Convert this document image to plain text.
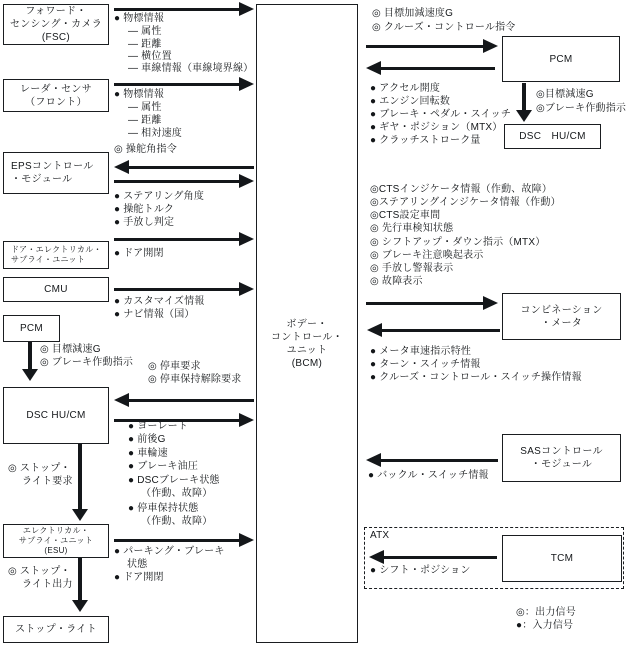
フォワード・
センシング・カメラ
(FSC)
レーダ・センサ
（フロント）
EPSコントロール
・モジュール
ドア・エレクトリカル・
サプライ・ユニット
CMU
PCM
DSC HU/CM
エレクトリカル・
サプライ・ユニット
(ESU)
ストップ・ライト
ボデー・
コントロール・
ユニット
(BCM)
PCM
DSC　HU/CM
コンビネーション
・メータ
SASコントロール
・モジュール
TCM
● 物標情報
― 属性
― 距離
― 横位置
― 車線情報（車線境界線）
● 物標情報
― 属性
― 距離
― 相対速度
◎ 操舵角指令
● ステアリング角度
● 操舵トルク
● 手放し判定
● ドア開閉
● カスタマイズ情報
● ナビ情報（国）
◎ 目標減速G
◎ ブレーキ作動指示 ◎ 停車要求
◎ 停車保持解除要求
● ヨーレート
● 前後G
● 車輪速
● ブレーキ油圧
● DSCブレーキ状態
（作動、故障）
● 停車保持状態
（作動、故障）
◎ ストップ・
ライト要求
● パーキング・ブレーキ
状態
● ドア開閉
◎ ストップ・
ライト出力
◎ 目標加減速度G
◎ クルーズ・コントロール指令
● アクセル開度
● エンジン回転数
● ブレーキ・ペダル・スイッチ
● ギヤ・ポジション（MTX）
● クラッチストローク量
◎目標減速G
◎ブレーキ作動指示
◎CTSインジケータ情報（作動、故障）
◎ステアリングインジケータ情報（作動）
◎CTS設定車間
◎ 先行車検知状態
◎ シフトアップ・ダウン指示（MTX）
◎ ブレーキ注意喚起表示
◎ 手放し警報表示
◎ 故障表示
● メータ車速指示特性
● ターン・スイッチ情報
● クルーズ・コントロール・スイッチ操作情報
● バックル・スイッチ情報
ATX
● シフト・ポジション
◎：出力信号
●：入力信号
